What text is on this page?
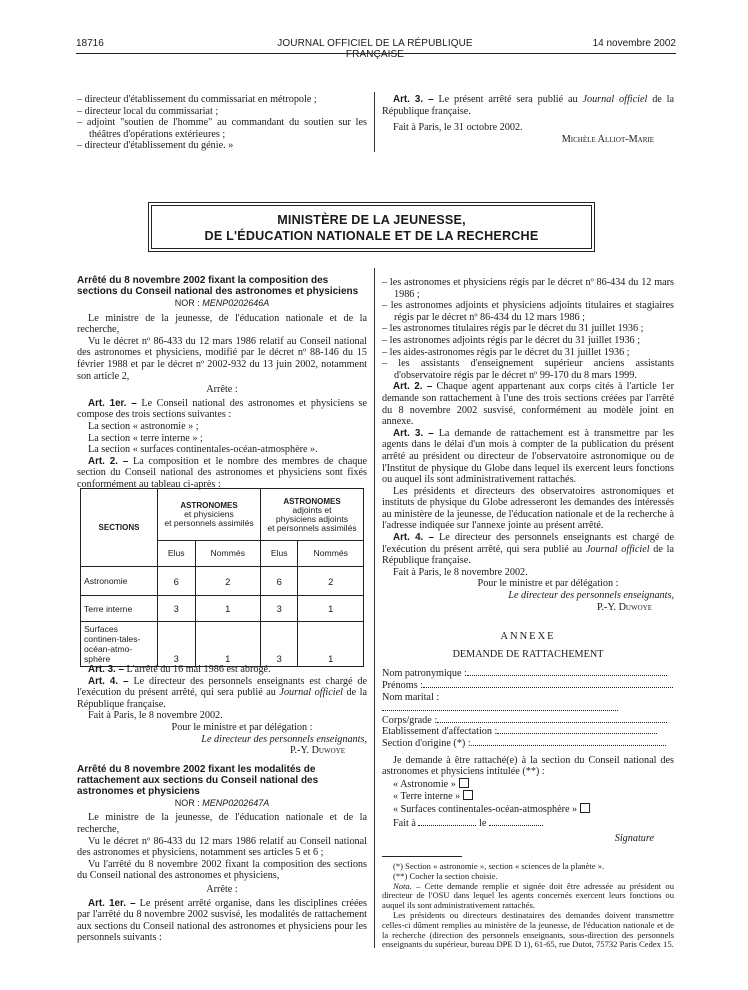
18716	JOURNAL OFFICIEL DE LA RÉPUBLIQUE FRANÇAISE
14 novembre 2002

– directeur d'établissement du commissariat en métropole ;

– directeur local du commissariat ;

– adjoint "soutien de l'homme" au commandant du soutien sur les théâtres d'opérations extérieures ;

– directeur d'établissement du génie. »

Art. 3. – Le présent arrêté sera publié au Journal officiel de la République française.

Fait à Paris, le 31 octobre 2002.

Michèle Alliot-Marie

MINISTÈRE DE LA JEUNESSE,
DE L'ÉDUCATION NATIONALE ET DE LA RECHERCHE

Arrêté du 8 novembre 2002 fixant la composition des sections du Conseil national des astronomes et physiciens

NOR : MENP0202646A

Le ministre de la jeunesse, de l'éducation nationale et de la recherche,

Vu le décret nº 86-433 du 12 mars 1986 relatif au Conseil national des astronomes et physiciens, modifié par le décret nº 88-146 du 15 février 1988 et par le décret nº 2002-932 du 13 juin 2002, notamment son article 2,

Arrête :

Art. 1er. – Le Conseil national des astronomes et physiciens se compose des trois sections suivantes :

La section « astronomie » ;

La section « terre interne » ;

La section « surfaces continentales-océan-atmosphère ».

Art. 2. – La composition et le nombre des membres de chaque section du Conseil national des astronomes et physiciens sont fixés conformément au tableau ci-après :

SECTIONS	ASTRONOMES
et physiciens
et personnels assimilés		ASTRONOMES
adjoints et
physiciens adjoints
et personnels assimilés	
	Elus	Nommés	Elus	Nommés
Astronomie	6	2	6	2
Terre interne	3	1	3	1
Surfaces continen-tales-océan-atmo-sphère	3	1	3	1

Art. 3. – L'arrêté du 16 mai 1986 est abrogé.

Art. 4. – Le directeur des personnels enseignants est chargé de l'exécution du présent arrêté, qui sera publié au Journal officiel de la République française.

Fait à Paris, le 8 novembre 2002.

Pour le ministre et par délégation :

Le directeur des personnels enseignants,

P.-Y. Duwoye

Arrêté du 8 novembre 2002 fixant les modalités de rattachement aux sections du Conseil national des astronomes et physiciens

NOR : MENP0202647A

Le ministre de la jeunesse, de l'éducation nationale et de la recherche,

Vu le décret nº 86-433 du 12 mars 1986 relatif au Conseil national des astronomes et physiciens, notamment ses articles 5 et 6 ;

Vu l'arrêté du 8 novembre 2002 fixant la composition des sections du Conseil national des astronomes et physiciens,

Arrête :

Art. 1er. – Le présent arrêté organise, dans les disciplines créées par l'arrêté du 8 novembre 2002 susvisé, les modalités de rattachement aux sections du Conseil national des astronomes et physiciens pour les personnels suivants :

– les astronomes et physiciens régis par le décret nº 86-434 du 12 mars 1986 ;

– les astronomes adjoints et physiciens adjoints titulaires et stagiaires régis par le décret nº 86-434 du 12 mars 1986 ;

– les astronomes titulaires régis par le décret du 31 juillet 1936 ;

– les astronomes adjoints régis par le décret du 31 juillet 1936 ;

– les aides-astronomes régis par le décret du 31 juillet 1936 ;

– les assistants d'enseignement supérieur anciens assistants d'observatoire régis par le décret nº 99-170 du 8 mars 1999.

Art. 2. – Chaque agent appartenant aux corps cités à l'article 1er demande son rattachement à l'une des trois sections créées par l'arrêté du 8 novembre 2002 susvisé, conformément au modèle joint en annexe.

Art. 3. – La demande de rattachement est à transmettre par les agents dans le délai d'un mois à compter de la publication du présent arrêté au président ou directeur de l'observatoire astronomique ou de l'Institut de physique du Globe dans lequel ils exercent leurs fonctions ou auquel ils sont administrativement rattachés.

Les présidents et directeurs des observatoires astronomiques et instituts de physique du Globe adresseront les demandes des intéressés au ministère de la jeunesse, de l'éducation nationale et de la recherche à l'adresse indiquée sur l'annexe jointe au présent arrêté.

Art. 4. – Le directeur des personnels enseignants est chargé de l'exécution du présent arrêté, qui sera publié au Journal officiel de la République française.

Fait à Paris, le 8 novembre 2002.

Pour le ministre et par délégation :

Le directeur des personnels enseignants,

P.-Y. Duwoye

ANNEXE

DEMANDE DE RATTACHEMENT

Nom patronymique :
Prénoms :
Nom marital :
Corps/grade :
Etablissement d'affectation :
Section d'origine (*) :

Je demande à être rattaché(e) à la section du Conseil national des astronomes et physiciens intitulée (**) :

« Astronomie »

« Terre interne »

« Surfaces continentales-océan-atmosphère »

Fait à	le

Signature

(*) Section « astronomie », section « sciences de la planète ».

(**) Cocher la section choisie.

Nota. – Cette demande remplie et signée doit être adressée au président ou directeur de l'OSU dans lequel les agents concernés exercent leurs fonctions ou auquel ils sont administrativement rattachés.

Les présidents ou directeurs destinataires des demandes doivent transmettre celles-ci dûment remplies au ministère de la jeunesse, de l'éducation nationale et de la recherche (direction des personnels enseignants, sous-direction des personnels enseignants du supérieur, bureau DPE D 1), 61-65, rue Dutot, 75732 Paris Cedex 15.
